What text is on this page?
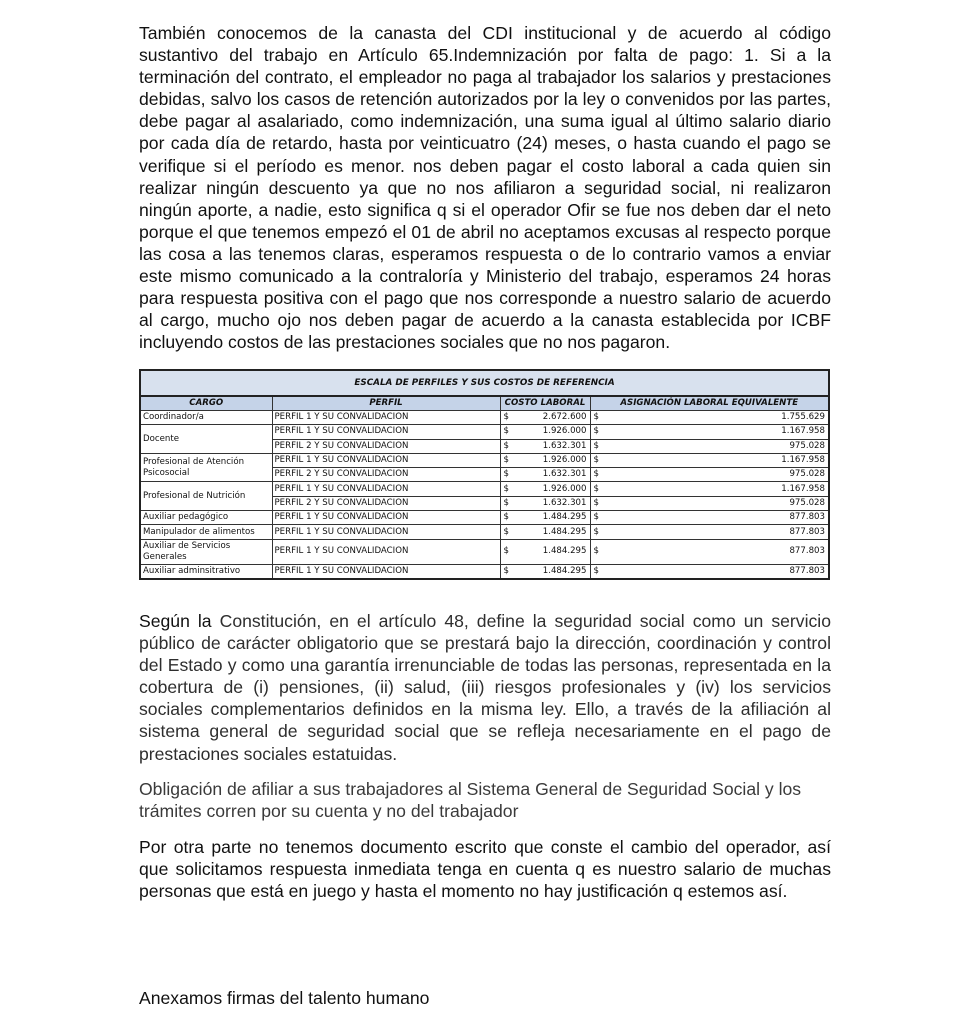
También conocemos de la canasta del CDI institucional y de acuerdo al código sustantivo del trabajo en Artículo 65.Indemnización por falta de pago: 1. Si a la terminación del contrato, el empleador no paga al trabajador los salarios y prestaciones debidas, salvo los casos de retención autorizados por la ley o convenidos por las partes, debe pagar al asalariado, como indemnización, una suma igual al último salario diario por cada día de retardo, hasta por veinticuatro (24) meses, o hasta cuando el pago se verifique si el período es menor. nos deben pagar el costo laboral a cada quien sin realizar ningún descuento ya que no nos afiliaron a seguridad social, ni realizaron ningún aporte, a nadie, esto significa q si el operador Ofir se fue nos deben dar el neto porque el que tenemos empezó el 01 de abril no aceptamos excusas al respecto porque las cosa a las tenemos claras, esperamos respuesta o de lo contrario vamos a enviar este mismo comunicado a la contraloría y Ministerio del trabajo, esperamos 24 horas para respuesta positiva con el pago que nos corresponde a nuestro salario de acuerdo al cargo, mucho ojo nos deben pagar de acuerdo a la canasta establecida por ICBF incluyendo costos de las prestaciones sociales que no nos pagaron.

ESCALA DE PERFILES Y SUS COSTOS DE REFERENCIA			
CARGO	PERFIL	COSTO LABORAL	ASIGNACIÓN LABORAL EQUIVALENTE
Coordinador/a	PERFIL 1 Y SU CONVALIDACION	$ 2.672.600	$ 1.755.629

Docente	PERFIL 1 Y SU CONVALIDACION	$ 1.926.000	$ 1.167.958

	PERFIL 2 Y SU CONVALIDACION	$ 1.632.301	$ 975.028

Profesional de Atención Psicosocial	PERFIL 1 Y SU CONVALIDACION	$ 1.926.000	$ 1.167.958

	PERFIL 2 Y SU CONVALIDACION	$ 1.632.301	$ 975.028

Profesional de Nutrición	PERFIL 1 Y SU CONVALIDACION	$ 1.926.000	$ 1.167.958

	PERFIL 2 Y SU CONVALIDACION	$ 1.632.301	$ 975.028

Auxiliar pedagógico	PERFIL 1 Y SU CONVALIDACION	$ 1.484.295	$ 877.803

Manipulador de alimentos	PERFIL 1 Y SU CONVALIDACION	$ 1.484.295	$ 877.803

Auxiliar de Servicios Generales	PERFIL 1 Y SU CONVALIDACION	$ 1.484.295	$ 877.803

Auxiliar adminsitrativo	PERFIL 1 Y SU CONVALIDACION	$ 1.484.295	$ 877.803

Según la Constitución, en el artículo 48, define la seguridad social como un servicio público de carácter obligatorio que se prestará bajo la dirección, coordinación y control del Estado y como una garantía irrenunciable de todas las personas, representada en la cobertura de (i) pensiones, (ii) salud, (iii) riesgos profesionales y (iv) los servicios sociales complementarios definidos en la misma ley. Ello, a través de la afiliación al sistema general de seguridad social que se refleja necesariamente en el pago de prestaciones sociales estatuidas.

Obligación de afiliar a sus trabajadores al Sistema General de Seguridad Social y los trámites corren por su cuenta y no del trabajador

Por otra parte no tenemos documento escrito que conste el cambio del operador, así que solicitamos respuesta inmediata tenga en cuenta q es nuestro salario de muchas personas que está en juego y hasta el momento no hay justificación q estemos así.

Anexamos firmas del talento humano
